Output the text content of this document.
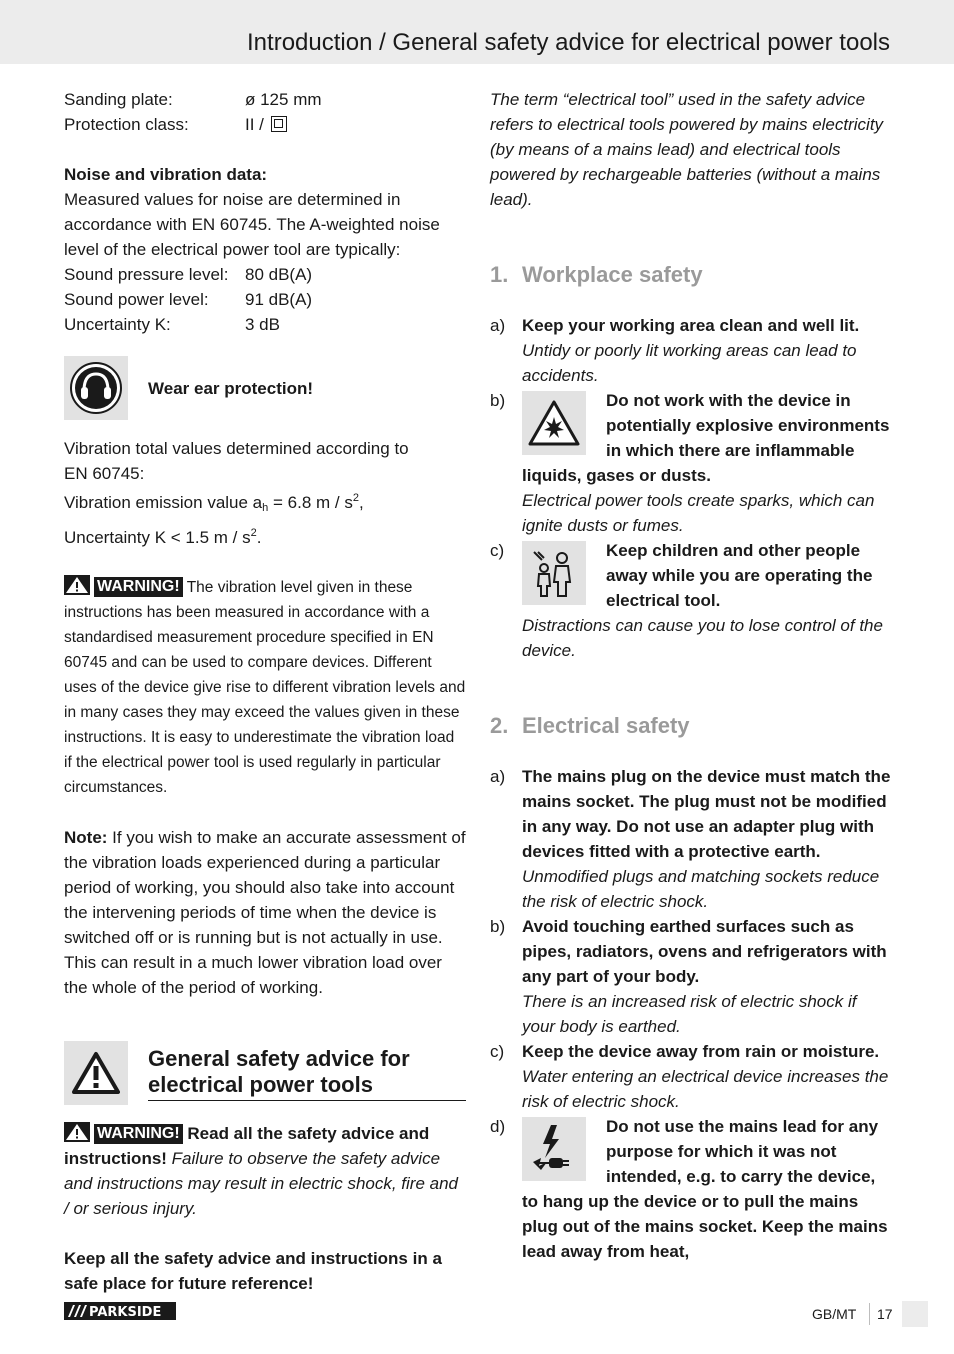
Introduction / General safety advice for electrical power tools
Sanding plate:	ø 125 mm
Protection class:	II /

Noise and vibration data:

Measured values for noise are determined in accordance with EN 60745. The A-weighted noise level of the electrical power tool are typically:

Sound pressure level: 80 dB(A)
Sound power level:	91 dB(A)
Uncertainty K:	3 dB
Wear ear protection!

Vibration total values determined according to

EN 60745:

Vibration emission value $a_h = 6.8$ m / $s^2$,

Uncertainty K < 1.5 m / $s^2$.

WARNING! The vibration level given in these instructions has been measured in accordance with a standardised measurement procedure specified in EN 60745 and can be used to compare devices. Different uses of the device give rise to different vibration levels and in many cases they may exceed the values given in these instructions. It is easy to underestimate the vibration load if the electrical power tool is used regularly in particular circumstances.

Note: If you wish to make an accurate assessment of the vibration loads experienced during a particular period of working, you should also take into account the intervening periods of time when the device is switched off or is running but is not actually in use. This can result in a much lower vibration load over the whole of the period of working.

General safety advice for electrical power tools

WARNING! Read all the safety advice and instructions! Failure to observe the safety advice and instructions may result in electric shock, fire and / or serious injury.

Keep all the safety advice and instructions in a safe place for future reference!

The term “electrical tool” used in the safety advice refers to electrical tools powered by mains electricity (by means of a mains lead) and electrical tools powered by rechargeable batteries (without a mains lead).

1. Workplace safety
a) Keep your working area clean and well lit. Untidy or poorly lit working areas can lead to accidents.
b)	Do not work with the device in potentially explosive environments in which there are inflammable liquids, gases or dusts.
Electrical power tools create sparks, which can ignite dusts or fumes.
c)	Keep children and other people away while you are operating the electrical tool.
Distractions can cause you to lose control of the device.
2. Electrical safety
a) The mains plug on the device must match the mains socket. The plug must not be modified in any way. Do not use an adapter plug with devices fitted with a protective earth. Unmodified plugs and matching sockets reduce the risk of electric shock.
b) Avoid touching earthed surfaces such as pipes, radiators, ovens and refrigerators with any part of your body.
There is an increased risk of electric shock if your body is earthed.
c)	Keep the device away from rain or moisture. Water entering an electrical device increases the risk of electric shock.
d)	Do not use the mains lead for any purpose for which it was not intended, e.g. to carry the device, to hang up the device or to pull the mains plug out of the mains socket. Keep the mains lead away from heat,
PARKSIDE	GB/MT 17
